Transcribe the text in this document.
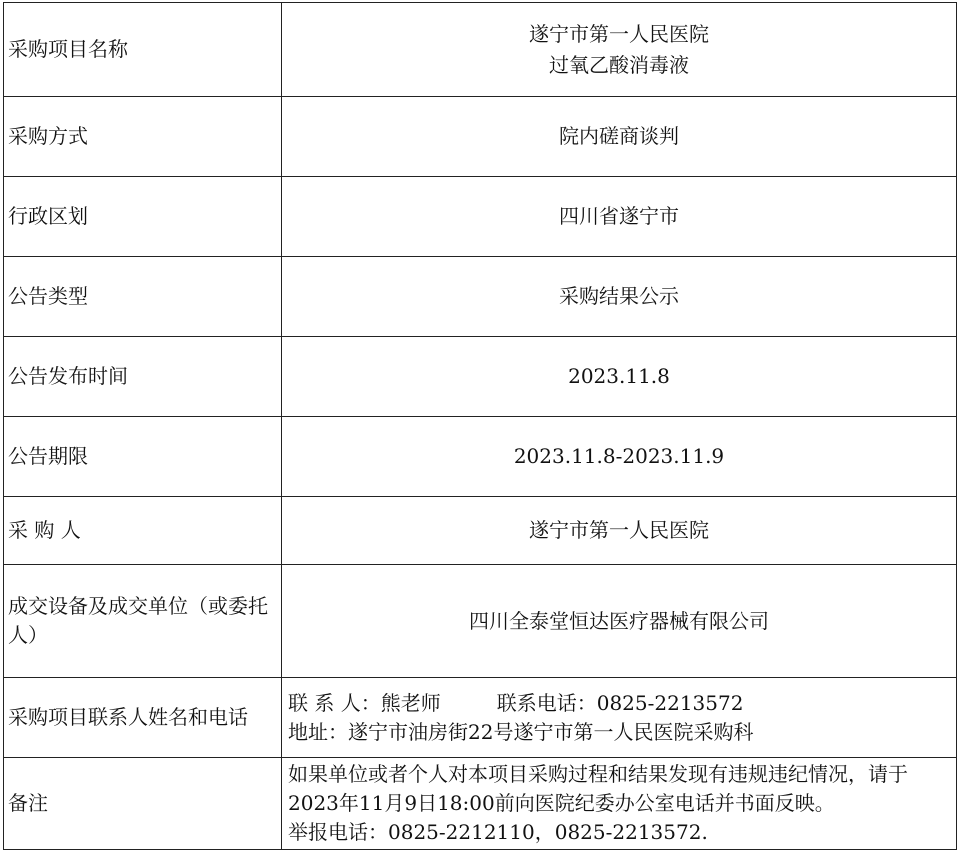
采购项目名称	遂宁市第一人民医院
过氧乙酸消毒液

采购方式	院内磋商谈判
行政区划	四川省遂宁市
公告类型	采购结果公示
公告发布时间	2023.11.8
公告期限	2023.11.8-2023.11.9
采 购 人	遂宁市第一人民医院
成交设备及成交单位（或委托人）	四川全泰堂恒达医疗器械有限公司
采购项目联系人姓名和电话	联 系 人：熊老师 联系电话：0825-2213572
地址：遂宁市油房街22号遂宁市第一人民医院采购科

备注	如果单位或者个人对本项目采购过程和结果发现有违规违纪情况，请于2023年11月9日18:00前向医院纪委办公室电话并书面反映。
举报电话：0825-2212110，0825-2213572.
